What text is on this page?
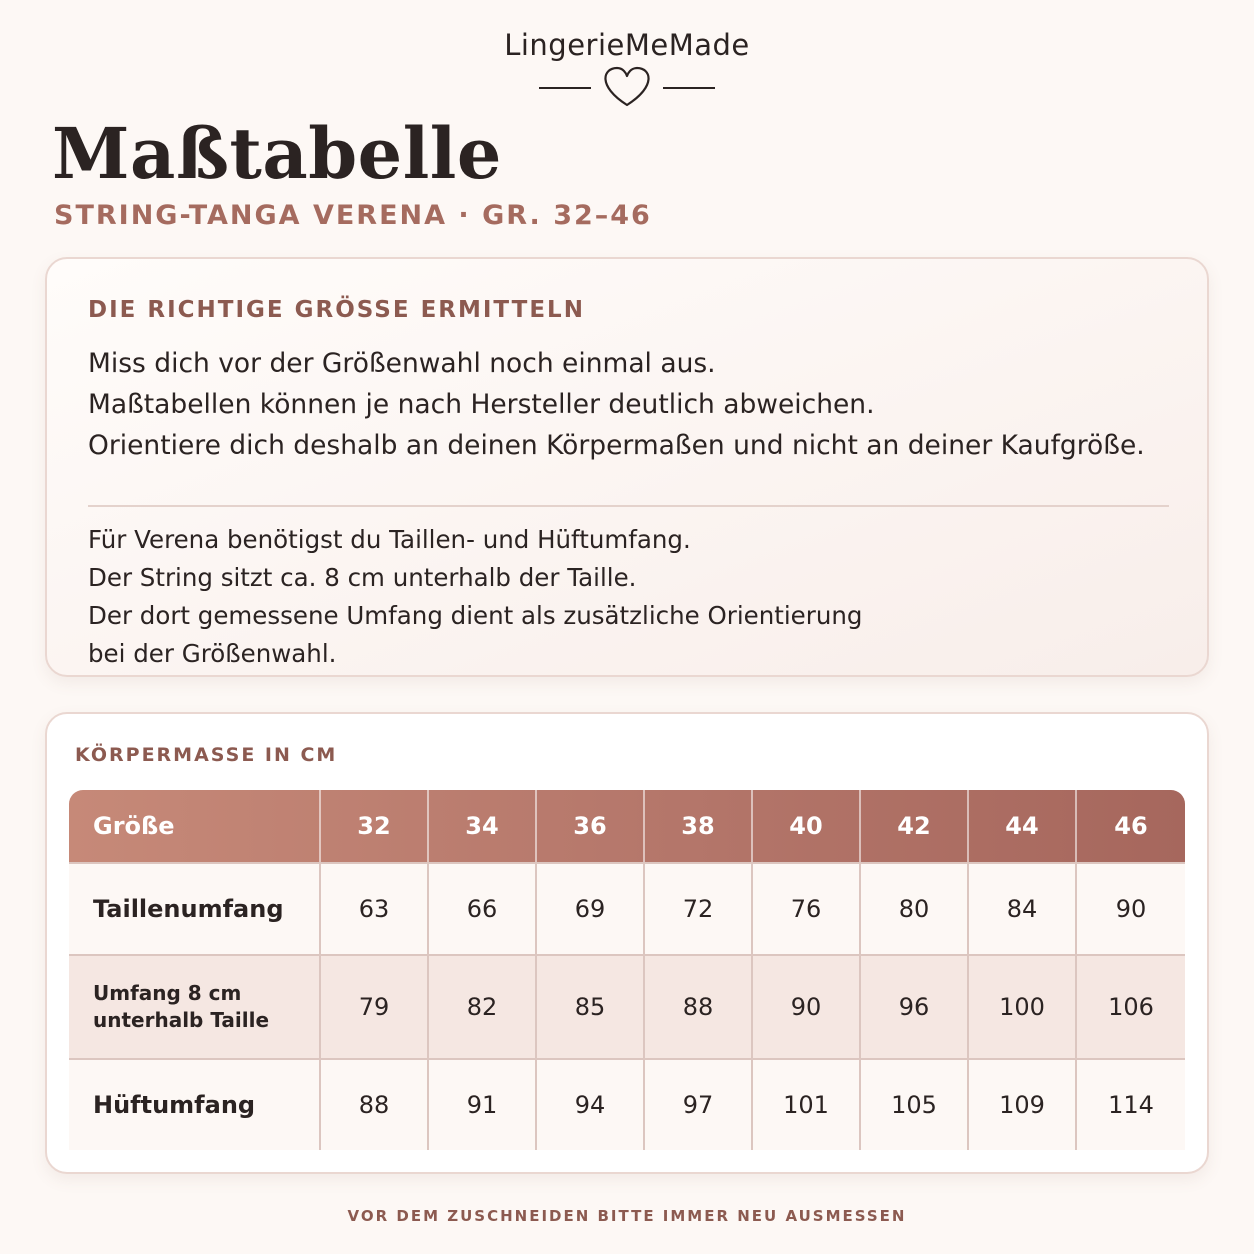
LingerieMeMade
Maßtabelle
STRING-TANGA VERENA · GR. 32–46
DIE RICHTIGE GRÖSSE ERMITTELN
Miss dich vor der Größenwahl noch einmal aus.
Maßtabellen können je nach Hersteller deutlich abweichen.
Orientiere dich deshalb an deinen Körpermaßen und nicht an deiner Kaufgröße.
Für Verena benötigst du Taillen- und Hüftumfang.
Der String sitzt ca. 8 cm unterhalb der Taille.
Der dort gemessene Umfang dient als zusätzliche Orientierung
bei der Größenwahl.
KÖRPERMASSE IN CM
Größe	32	34	36	38	40	42	44	46
Taillenumfang	63	66	69	72	76	80	84	90
Umfang 8 cm
unterhalb Taille	79	82	85	88	90	96	100	106
Hüftumfang	88	91	94	97	101	105	109	114
VOR DEM ZUSCHNEIDEN BITTE IMMER NEU AUSMESSEN
